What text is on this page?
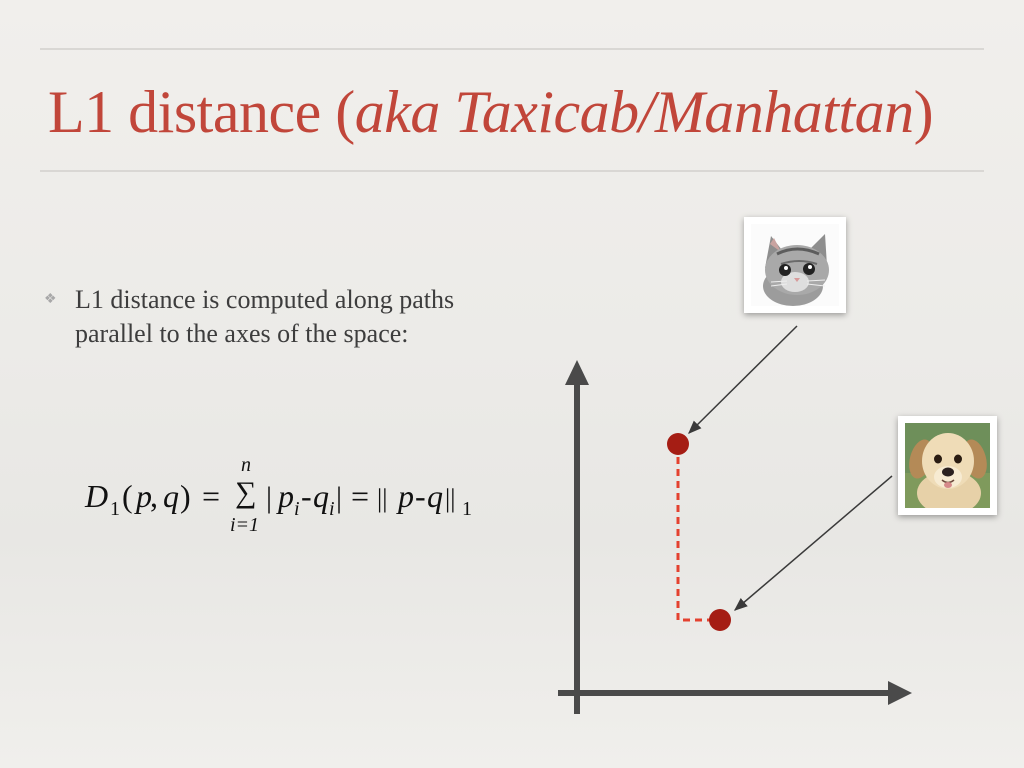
L1 distance (aka Taxicab/Manhattan)
❖ L1 distance is computed along paths parallel to the axes of the space:
D 1 ( p
, q ) =
n
∑
i=1
| p i - q i | = || p - q || 1
